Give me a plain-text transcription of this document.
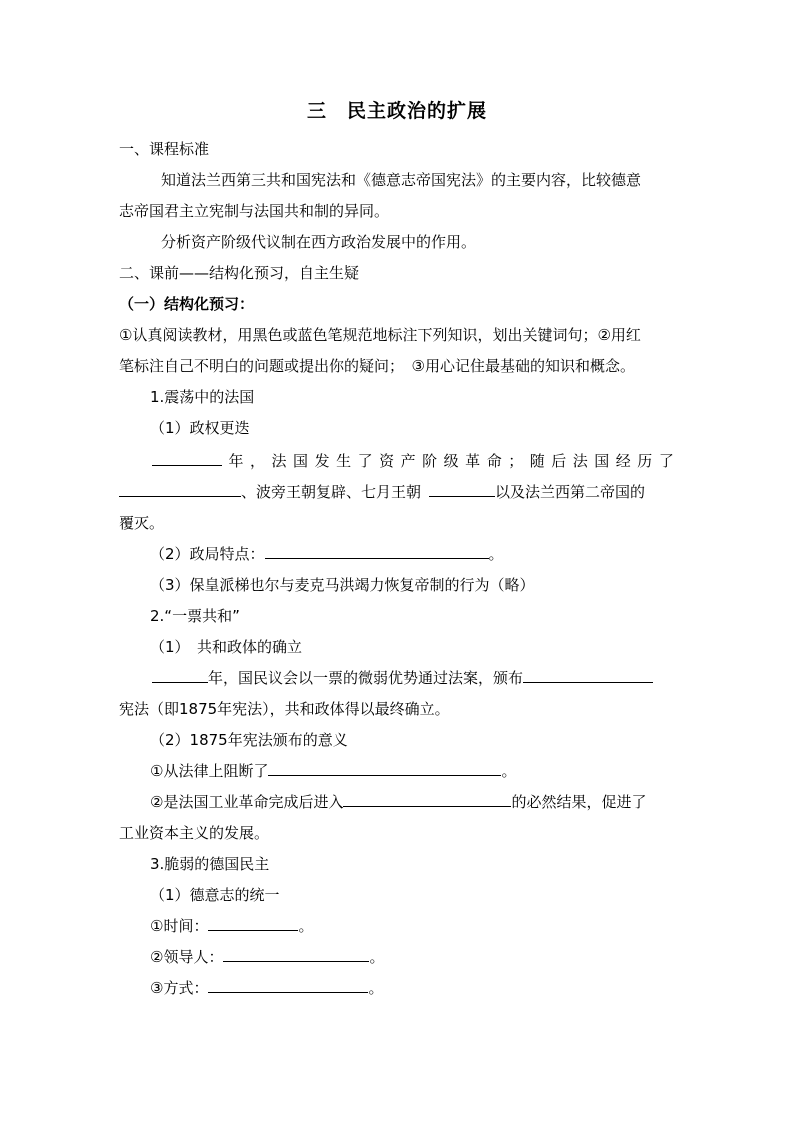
三　民主政治的扩展
一、课程标准
知道法兰西第三共和国宪法和《德意志帝国宪法》的主要内容，比较德意
志帝国君主立宪制与法国共和制的异同。
分析资产阶级代议制在西方政治发展中的作用。
二、课前——结构化预习，自主生疑
（一）结构化预习：
①认真阅读教材，用黑色或蓝色笔规范地标注下列知识，划出关键词句；②用红
笔标注自己不明白的问题或提出你的疑问；　③用心记住最基础的知识和概念。
1.震荡中的法国
（1）政权更迭
年 ， 法 国 发 生 了 资 产 阶 级 革 命 ； 随 后 法 国 经 历 了
、波旁王朝复辟、七月王朝	以及法兰西第二帝国的
覆灭。
（2）政局特点：	。
（3）保皇派梯也尔与麦克马洪竭力恢复帝制的行为（略）
2.“一票共和”
（1）　共和政体的确立
年，国民议会以一票的微弱优势通过法案，颁布
宪法（即1875年宪法），共和政体得以最终确立。
（2）1875年宪法颁布的意义
①从法律上阻断了	。
②是法国工业革命完成后进入	的必然结果，促进了
工业资本主义的发展。
3.脆弱的德国民主
（1）德意志的统一
①时间：	。
②领导人：	。
③方式：	。
